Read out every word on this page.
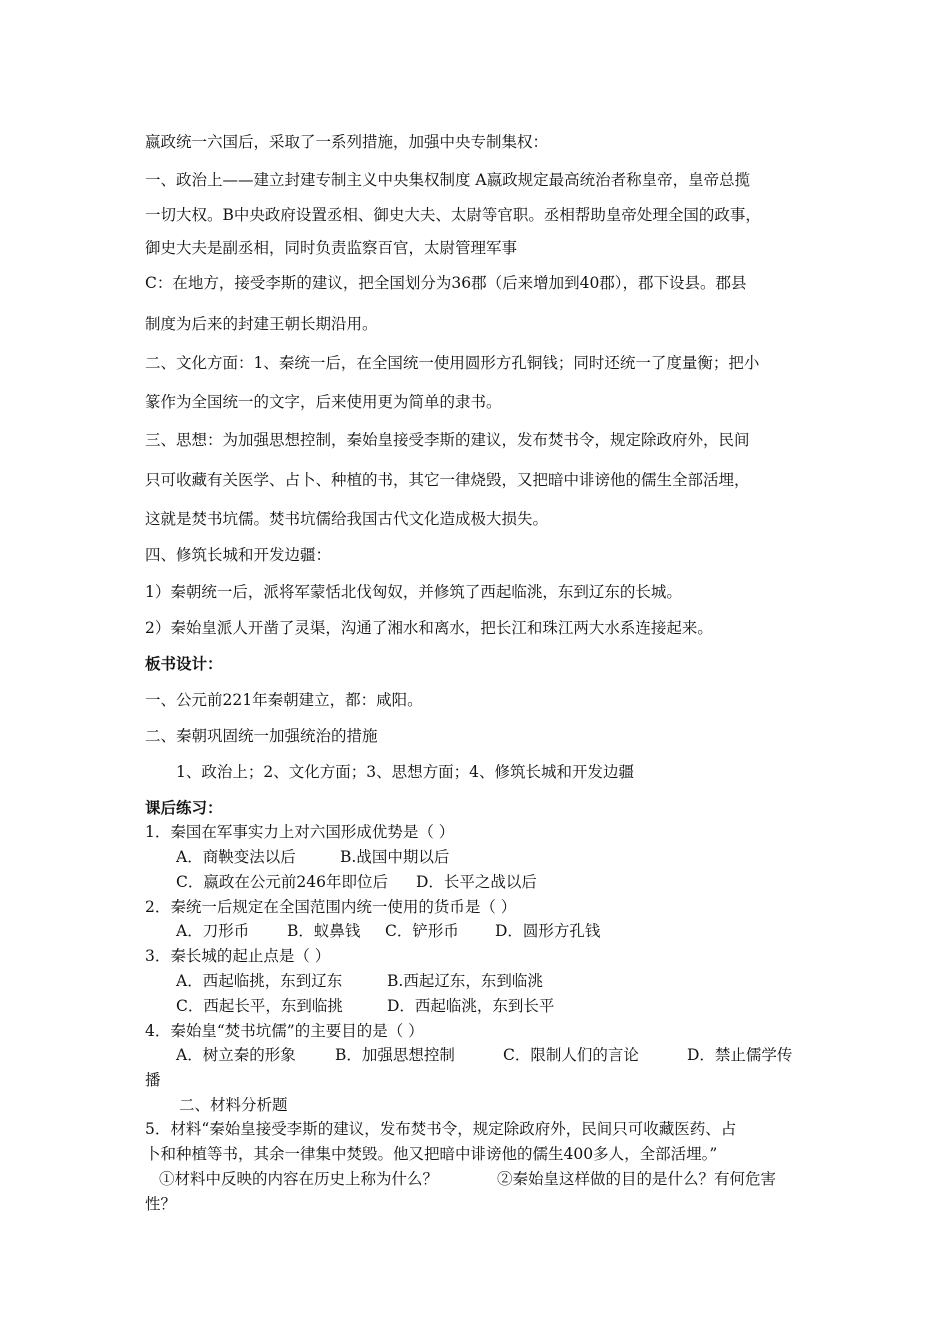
嬴政统一六国后，采取了一系列措施，加强中央专制集权：
一、政治上——建立封建专制主义中央集权制度 A嬴政规定最高统治者称皇帝，皇帝总揽
一切大权。B中央政府设置丞相、御史大夫、太尉等官职。丞相帮助皇帝处理全国的政事，
御史大夫是副丞相，同时负责监察百官，太尉管理军事
C：在地方，接受李斯的建议，把全国划分为36郡（后来增加到40郡），郡下设县。郡县
制度为后来的封建王朝长期沿用。
二、文化方面：1、秦统一后，在全国统一使用圆形方孔铜钱；同时还统一了度量衡；把小
篆作为全国统一的文字，后来使用更为简单的隶书。
三、思想：为加强思想控制，秦始皇接受李斯的建议，发布焚书令，规定除政府外，民间
只可收藏有关医学、占卜、种植的书，其它一律烧毁，又把暗中诽谤他的儒生全部活埋，
这就是焚书坑儒。焚书坑儒给我国古代文化造成极大损失。
四、修筑长城和开发边疆：
1）秦朝统一后，派将军蒙恬北伐匈奴，并修筑了西起临洮，东到辽东的长城。
2）秦始皇派人开凿了灵渠，沟通了湘水和离水，把长江和珠江两大水系连接起来。
板书设计：
一、公元前221年秦朝建立，都：咸阳。
二、秦朝巩固统一加强统治的措施
1、政治上；2、文化方面；3、思想方面；4、修筑长城和开发边疆
课后练习：
1．秦国在军事实力上对六国形成优势是（ ）
A．商鞅变法以后	B.战国中期以后
C．嬴政在公元前246年即位后 D．长平之战以后
2．秦统一后规定在全国范围内统一使用的货币是（ ）
A．刀形币 B．蚁鼻钱 C．铲形币 D．圆形方孔钱
3．秦长城的起止点是（ ）
A．西起临挑，东到辽东	B.西起辽东，东到临洮
C．西起长平，东到临挑	D．西起临洮，东到长平
4．秦始皇“焚书坑儒”的主要目的是（ ）
A．树立秦的形象	B．加强思想控制	C．限制人们的言论	D．禁止儒学传
播
二、材料分析题
5．材料“秦始皇接受李斯的建议，发布焚书令，规定除政府外，民间只可收藏医药、占
卜和种植等书，其余一律集中焚毁。他又把暗中诽谤他的儒生400多人，全部活埋。”
①材料中反映的内容在历史上称为什么？	②秦始皇这样做的目的是什么？有何危害
性？
